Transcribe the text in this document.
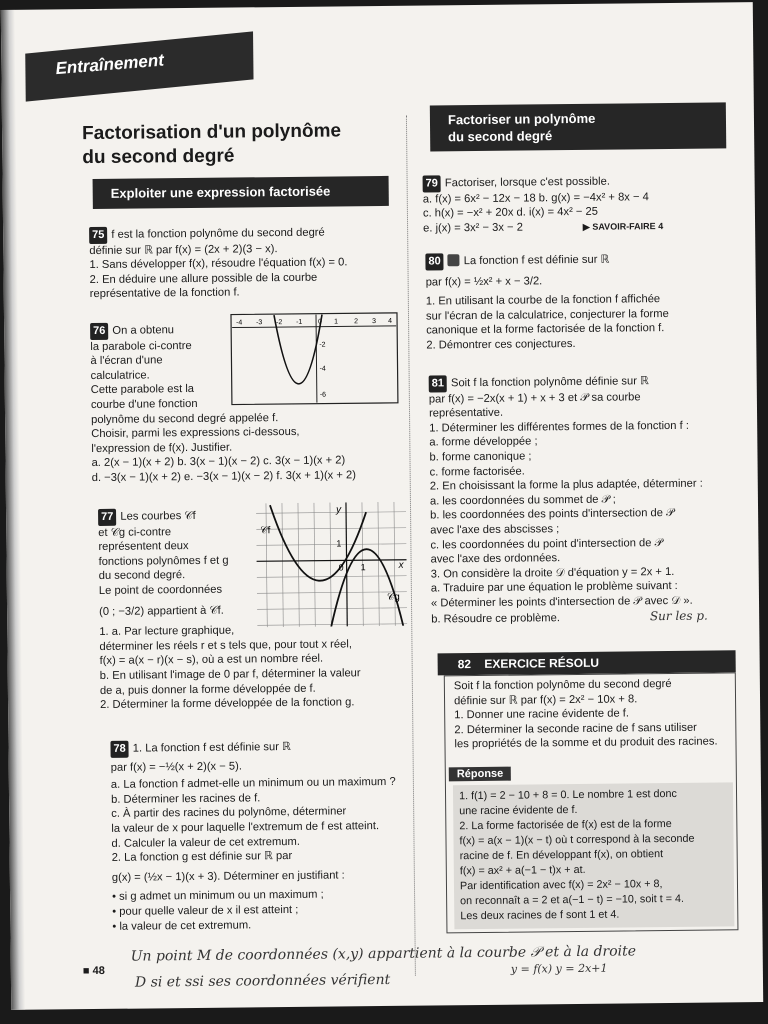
Entraînement
Factorisation d'un polynôme
du second degré
Exploiter une expression factorisée
Factoriser un polynôme
du second degré

75 f est la fonction polynôme du second degré

définie sur ℝ par f(x) = (2x + 2)(3 − x).

1. Sans développer f(x), résoudre l'équation f(x) = 0.

2. En déduire une allure possible de la courbe

représentative de la fonction f.

76 On a obtenu

la parabole ci-contre

à l'écran d'une

calculatrice.

Cette parabole est la

courbe d'une fonction

polynôme du second degré appelée f.

Choisir, parmi les expressions ci-dessous,

l'expression de f(x). Justifier.

a. 2(x − 1)(x + 2) b. 3(x − 1)(x − 2) c. 3(x − 1)(x + 2)

d. −3(x − 1)(x + 2) e. −3(x − 1)(x − 2) f. 3(x + 1)(x + 2)

-4 -3 -2 -1 0 1 2 3 4
-2
-4
-6

77 Les courbes 𝒞f

et 𝒞g ci-contre

représentent deux

fonctions polynômes f et g

du second degré.

Le point de coordonnées

(0 ; −3/2) appartient à 𝒞f.

1. a. Par lecture graphique,

déterminer les réels r et s tels que, pour tout x réel,

f(x) = a(x − r)(x − s), où a est un nombre réel.

b. En utilisant l'image de 0 par f, déterminer la valeur

de a, puis donner la forme développée de f.

2. Déterminer la forme développée de la fonction g.

𝒞f
𝒞g
y
x
0
1
1

78 1. La fonction f est définie sur ℝ

par f(x) = −½(x + 2)(x − 5).

a. La fonction f admet-elle un minimum ou un maximum ?

b. Déterminer les racines de f.

c. À partir des racines du polynôme, déterminer

la valeur de x pour laquelle l'extremum de f est atteint.

d. Calculer la valeur de cet extremum.

2. La fonction g est définie sur ℝ par

g(x) = (½x − 1)(x + 3). Déterminer en justifiant :

• si g admet un minimum ou un maximum ;

• pour quelle valeur de x il est atteint ;

• la valeur de cet extremum.

79 Factoriser, lorsque c'est possible.

a. f(x) = 6x² − 12x − 18 b. g(x) = −4x² + 8x − 4

c. h(x) = −x² + 20x d. i(x) = 4x² − 25

e. j(x) = 3x² − 3x − 2	▶ SAVOIR-FAIRE 4

80 La fonction f est définie sur ℝ

par f(x) = ½x² + x − 3/2.

1. En utilisant la courbe de la fonction f affichée

sur l'écran de la calculatrice, conjecturer la forme

canonique et la forme factorisée de la fonction f.

2. Démontrer ces conjectures.

81 Soit f la fonction polynôme définie sur ℝ

par f(x) = −2x(x + 1) + x + 3 et 𝒫 sa courbe

représentative.

1. Déterminer les différentes formes de la fonction f :

a. forme développée ;

b. forme canonique ;

c. forme factorisée.

2. En choisissant la forme la plus adaptée, déterminer :

a. les coordonnées du sommet de 𝒫 ;

b. les coordonnées des points d'intersection de 𝒫

avec l'axe des abscisses ;

c. les coordonnées du point d'intersection de 𝒫

avec l'axe des ordonnées.

3. On considère la droite 𝒟 d'équation y = 2x + 1.

a. Traduire par une équation le problème suivant :

« Déterminer les points d'intersection de 𝒫 avec 𝒟 ».

b. Résoudre ce problème.	Sur les p.

82 EXERCICE RÉSOLU

Soit f la fonction polynôme du second degré

définie sur ℝ par f(x) = 2x² − 10x + 8.

1. Donner une racine évidente de f.

2. Déterminer la seconde racine de f sans utiliser

les propriétés de la somme et du produit des racines.

Réponse

1. f(1) = 2 − 10 + 8 = 0. Le nombre 1 est donc

une racine évidente de f.

2. La forme factorisée de f(x) est de la forme

f(x) = a(x − 1)(x − t) où t correspond à la seconde

racine de f. En développant f(x), on obtient

f(x) = ax² + a(−1 − t)x + at.

Par identification avec f(x) = 2x² − 10x + 8,

on reconnaît a = 2 et a(−1 − t) = −10, soit t = 4.

Les deux racines de f sont 1 et 4.

■ 48
Un point M de coordonnées (x,y) appartient à la courbe 𝒫 et à la droite
D si et ssi ses coordonnées vérifient
y = f(x) y = 2x+1
